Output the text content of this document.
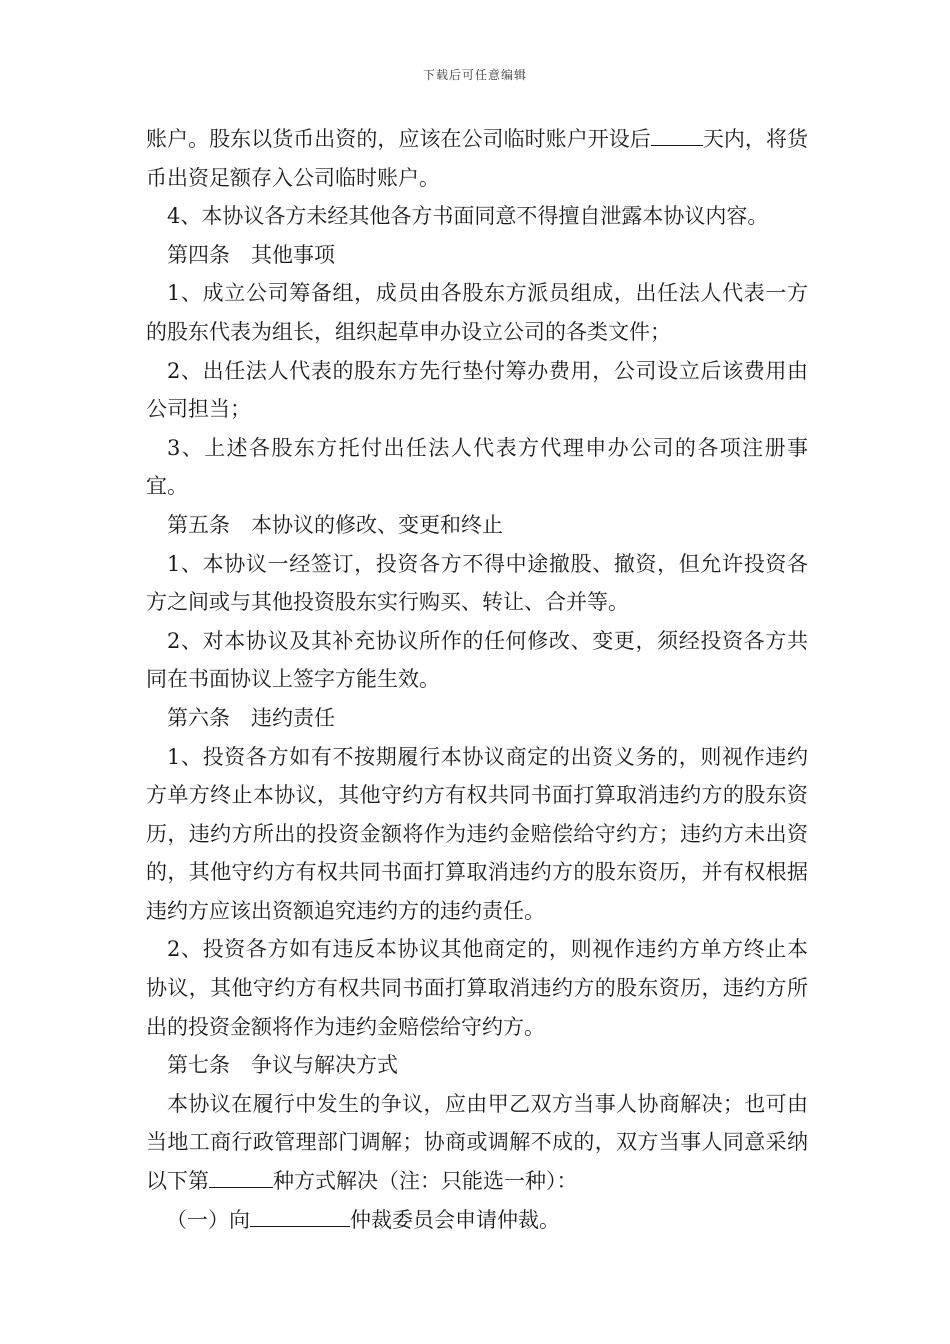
下载后可任意编辑

账户。股东以货币出资的，应该在公司临时账户开设后 天内，将货币出资足额存入公司临时账户。

4、本协议各方未经其他各方书面同意不得擅自泄露本协议内容。

第四条　其他事项

1、成立公司筹备组，成员由各股东方派员组成，出任法人代表一方的股东代表为组长，组织起草申办设立公司的各类文件；

2、出任法人代表的股东方先行垫付筹办费用，公司设立后该费用由公司担当；

3、上述各股东方托付出任法人代表方代理申办公司的各项注册事宜。

第五条　本协议的修改、变更和终止

1、本协议一经签订，投资各方不得中途撤股、撤资，但允许投资各方之间或与其他投资股东实行购买、转让、合并等。

2、对本协议及其补充协议所作的任何修改、变更，须经投资各方共同在书面协议上签字方能生效。

第六条　违约责任

1、投资各方如有不按期履行本协议商定的出资义务的，则视作违约方单方终止本协议，其他守约方有权共同书面打算取消违约方的股东资历，违约方所出的投资金额将作为违约金赔偿给守约方；违约方未出资的，其他守约方有权共同书面打算取消违约方的股东资历，并有权根据违约方应该出资额追究违约方的违约责任。

2、投资各方如有违反本协议其他商定的，则视作违约方单方终止本协议，其他守约方有权共同书面打算取消违约方的股东资历，违约方所出的投资金额将作为违约金赔偿给守约方。

第七条　争议与解决方式

本协议在履行中发生的争议，应由甲乙双方当事人协商解决；也可由当地工商行政管理部门调解；协商或调解不成的，双方当事人同意采纳以下第	种方式解决（注：只能选一种）：

（一）向	仲裁委员会申请仲裁。
